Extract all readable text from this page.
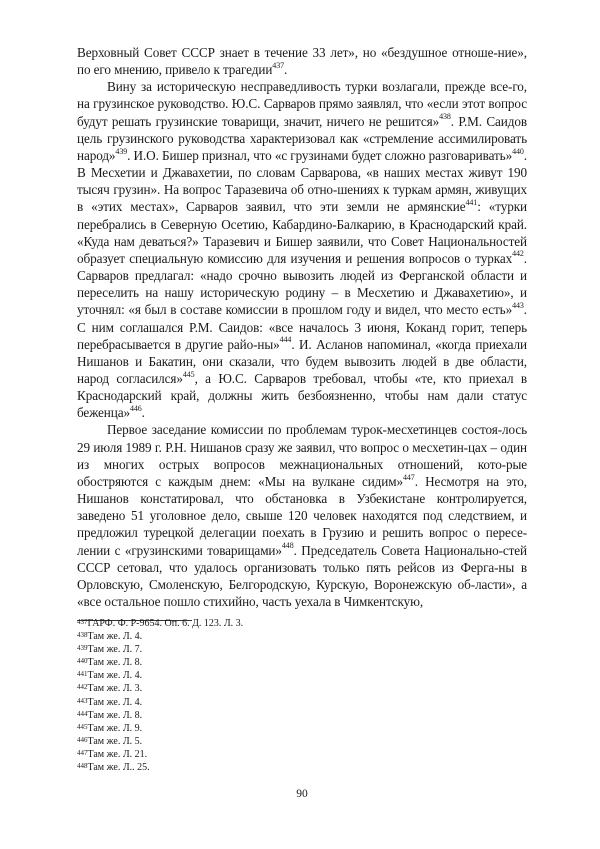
Верховный Совет СССР знает в течение 33 лет», но «бездушное отноше-ние», по его мнению, привело к трагедии$^{437}$.

Вину за историческую несправедливость турки возлагали, прежде все-го, на грузинское руководство. Ю.С. Сарваров прямо заявлял, что «если этот вопрос будут решать грузинские товарищи, значит, ничего не решится»$^{438}$. Р.М. Саидов цель грузинского руководства характеризовал как «стремление ассимилировать народ»$^{439}$. И.О. Бишер признал, что «с грузинами будет сложно разговаривать»$^{440}$. В Месхетии и Джавахетии, по словам Сарварова, «в наших местах живут 190 тысяч грузин». На вопрос Тaразевича об отно-шениях к туркам армян, живущих в «этих местах», Сарваров заявил, что эти земли не армянские$^{441}$: «турки перебрались в Северную Осетию, Кабардино-Балкарию, в Краснодарский край. «Куда нам деваться?» Таразевич и Бишер заявили, что Совет Национальностей образует специальную комиссию для изучения и решения вопросов о турках$^{442}$. Сарваров предлагал: «надо срочно вывозить людей из Ферганской области и переселить на нашу историческую родину – в Месхетию и Джавахетию», и уточнял: «я был в составе комиссии в прошлом году и видел, что место есть»$^{443}$. С ним соглашался Р.М. Саидов: «все началось 3 июня, Коканд горит, теперь перебрасывается в другие райо-ны»$^{444}$. И. Асланов напоминал, «когда приехали Нишанов и Бакатин, они сказали, что будем вывозить людей в две области, народ согласился»$^{445}$, а Ю.С. Сарваров требовал, чтобы «те, кто приехал в Краснодарский край, должны жить безбоязненно, чтобы нам дали статус беженца»$^{446}$.

Первое заседание комиссии по проблемам турок-месхетинцев состоя-лось 29 июля 1989 г. Р.Н. Нишанов сразу же заявил, что вопрос о месхетин-цах – один из многих острых вопросов межнациональных отношений, кото-рые обостряются с каждым днем: «Мы на вулкане сидим»$^{447}$. Несмотря на это, Нишанов констатировал, что обстановка в Узбекистане контролируется, заведено 51 уголовное дело, свыше 120 человек находятся под следствием, и предложил турецкой делегации поехать в Грузию и решить вопрос о пересе-лении с «грузинскими товарищами»$^{448}$. Председатель Совета Национально-стей СССР сетовал, что удалось организовать только пять рейсов из Ферга-ны в Орловскую, Смоленскую, Белгородскую, Курскую, Воронежскую об-ласти», а «все остальное пошло стихийно, часть уехала в Чимкентскую,

$^{437}$ГАРФ. Ф. Р-9654. Оп. 6. Д. 123. Л. 3.
$^{438}$Там же. Л. 4.
$^{439}$Там же. Л. 7.
$^{440}$Там же. Л. 8.
$^{441}$Там же. Л. 4.
$^{442}$Там же. Л. 3.
$^{443}$Там же. Л. 4.
$^{444}$Там же. Л. 8.
$^{445}$Там же. Л. 9.
$^{446}$Там же. Л. 5.
$^{447}$Там же. Л. 21.
$^{448}$Там же. Л.. 25.
90
